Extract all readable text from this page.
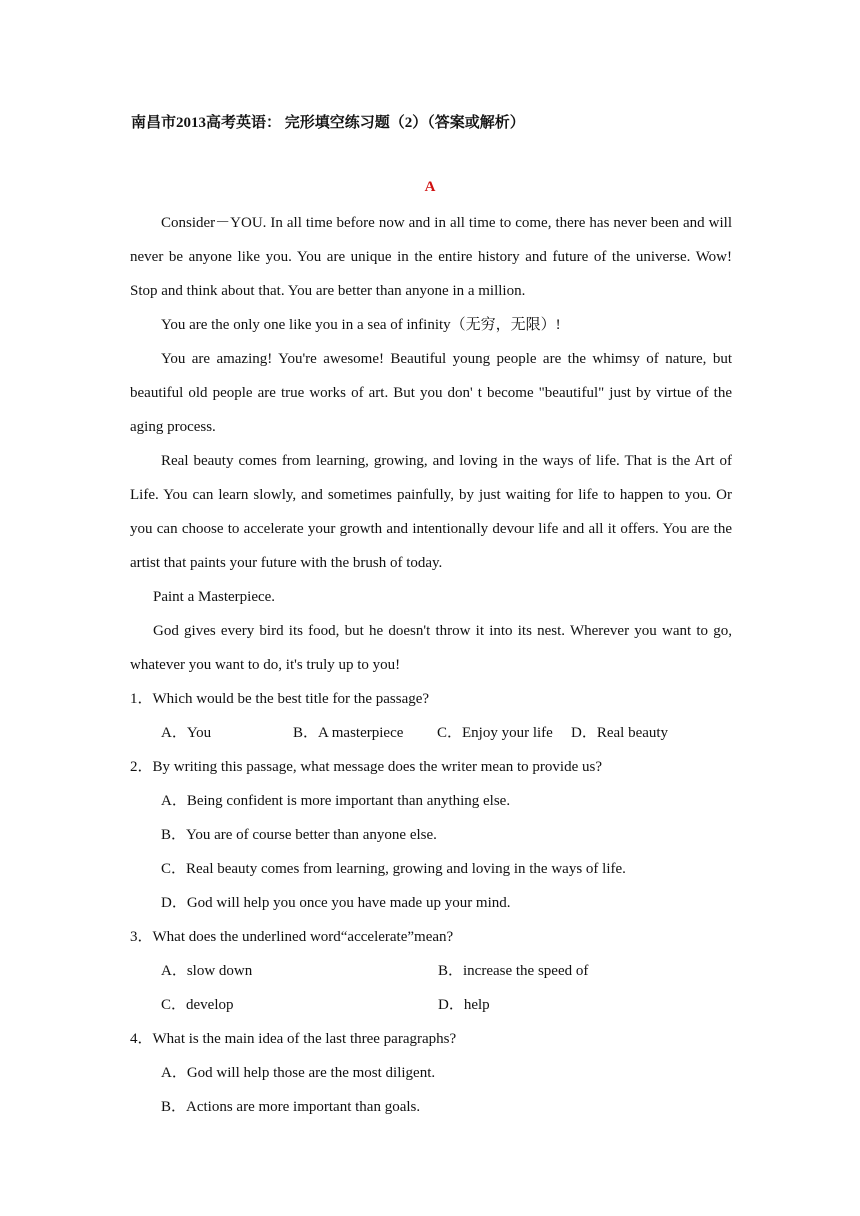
南昌市2013高考英语： 完形填空练习题（2）（答案或解析）
A

Consider－YOU. In all time before now and in all time to come, there has never been and will never be anyone like you. You are unique in the entire history and future of the universe. Wow! Stop and think about that. You are better than anyone in a million.

You are the only one like you in a sea of infinity（无穷，无限）!

You are amazing! You're awesome! Beautiful young people are the whimsy of nature, but beautiful old people are true works of art. But you don' t become "beautiful" just by virtue of the aging process.

Real beauty comes from learning, growing, and loving in the ways of life. That is the Art of Life. You can learn slowly, and sometimes painfully, by just waiting for life to happen to you. Or you can choose to accelerate your growth and intentionally devour life and all it offers. You are the artist that paints your future with the brush of today.

Paint a Masterpiece.

God gives every bird its food, but he doesn't throw it into its nest. Wherever you want to go, whatever you want to do, it's truly up to you!

1．Which would be the best title for the passage?

A．You	B．A masterpiece	C．Enjoy your life	D．Real beauty

2．By writing this passage, what message does the writer mean to provide us?

A．Being confident is more important than anything else.

B．You are of course better than anyone else.

C．Real beauty comes from learning, growing and loving in the ways of life.

D．God will help you once you have made up your mind.

3．What does the underlined word“accelerate”mean?

A．slow down	B．increase the speed of
C．develop	D．help

4．What is the main idea of the last three paragraphs?

A．God will help those are the most diligent.

B．Actions are more important than goals.
